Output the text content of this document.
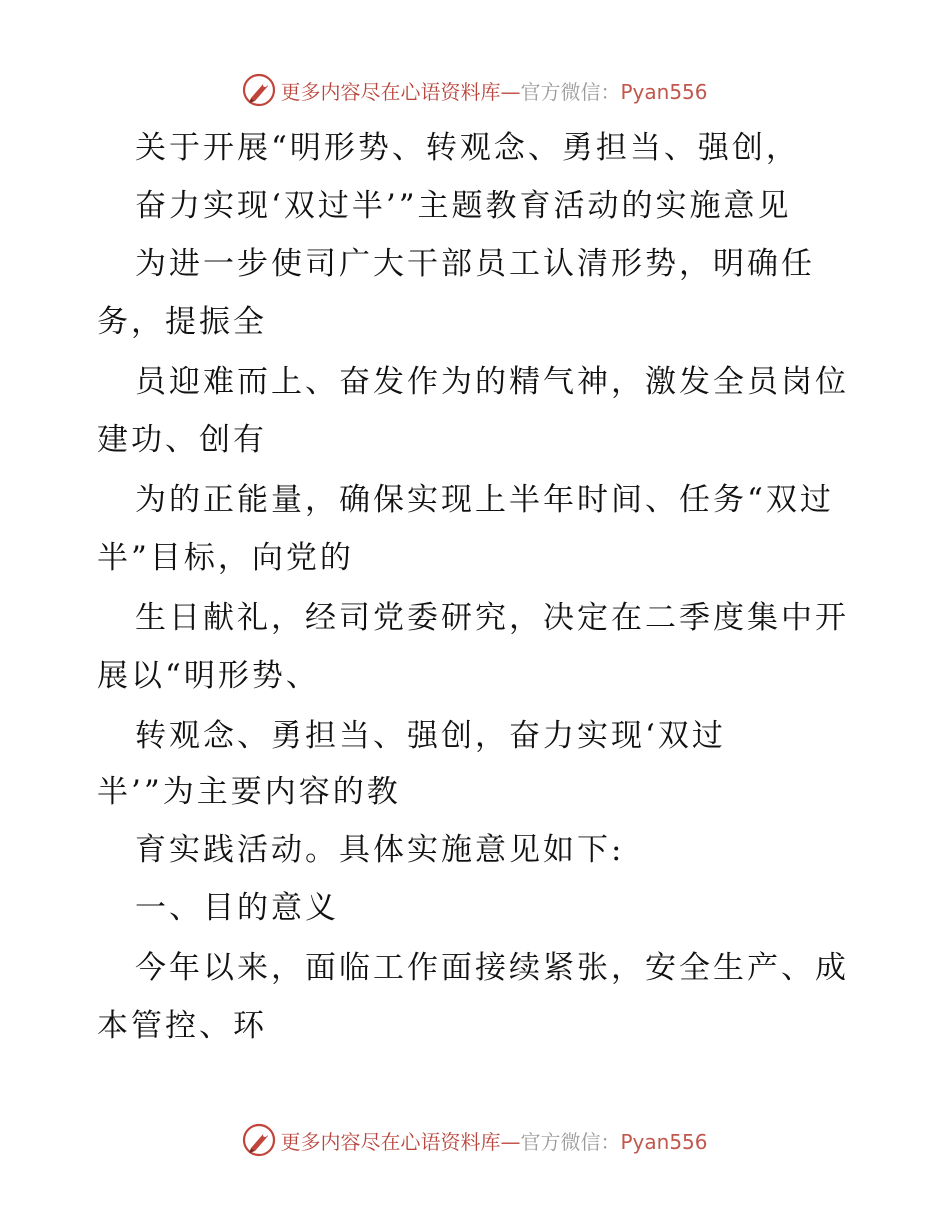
更多内容尽在心语资料库—官方微信：Pyan556
关于开展“明形势、转观念、勇担当、强创，
奋力实现‘双过半’”主题教育活动的实施意见
为进一步使司广大干部员工认清形势，明确任
务，提振全
员迎难而上、奋发作为的精气神，激发全员岗位
建功、创有
为的正能量，确保实现上半年时间、任务“双过
半”目标，向党的
生日献礼，经司党委研究，决定在二季度集中开
展以“明形势、
转观念、勇担当、强创，奋力实现‘双过
半’”为主要内容的教
育实践活动。具体实施意见如下:
一、目的意义
今年以来，面临工作面接续紧张，安全生产、成
本管控、环
更多内容尽在心语资料库—官方微信：Pyan556
